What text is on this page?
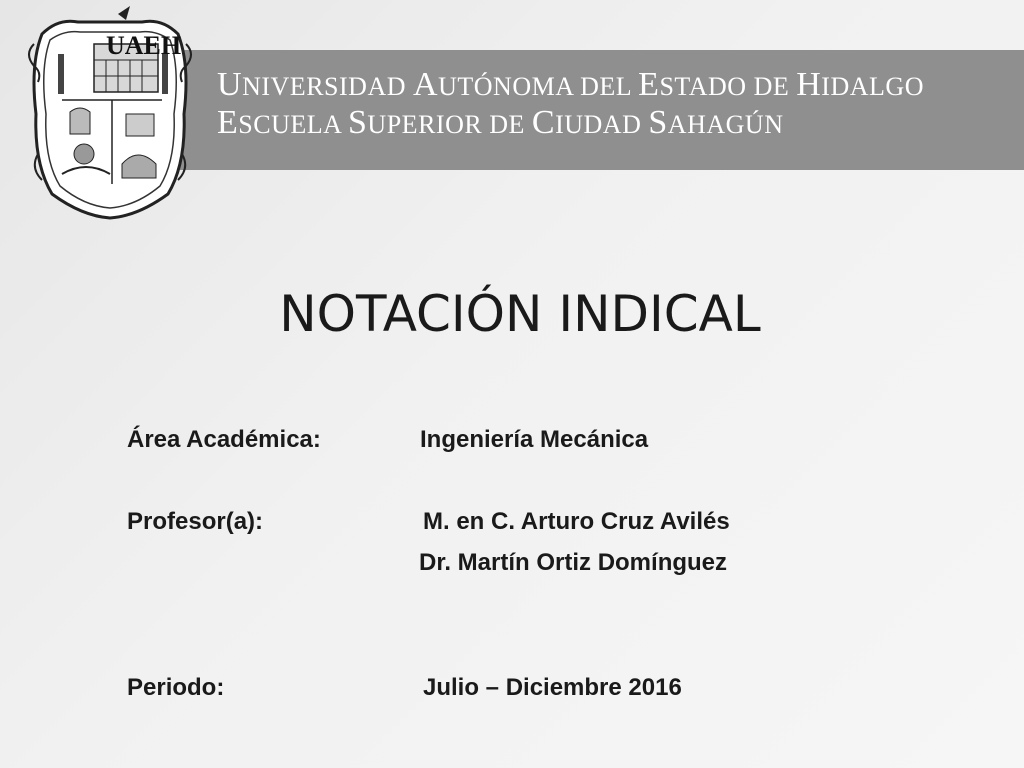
UNIVERSIDAD AUTÓNOMA DEL ESTADO DE HIDALGO
ESCUELA SUPERIOR DE CIUDAD SAHAGÚN
UAEH
NOTACIÓN INDICAL
Área Académica:	Ingeniería Mecánica
Profesor(a):	M. en C. Arturo Cruz Avilés
Dr. Martín Ortiz Domínguez
Periodo:	Julio – Diciembre 2016
